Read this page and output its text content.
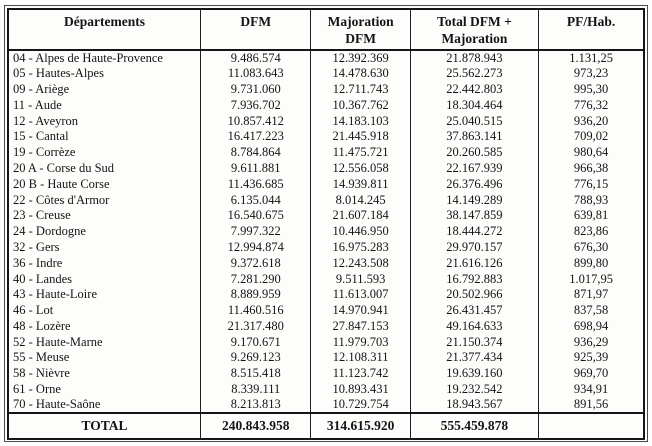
Départements	DFM	Majoration DFM	Total DFM + Majoration	PF/Hab.
04 - Alpes de Haute-Provence	9.486.574	12.392.369	21.878.943	1.131,25
05 - Hautes-Alpes	11.083.643	14.478.630	25.562.273	973,23
09 - Ariège	9.731.060	12.711.743	22.442.803	995,30
11 - Aude	7.936.702	10.367.762	18.304.464	776,32
12 - Aveyron	10.857.412	14.183.103	25.040.515	936,20
15 - Cantal	16.417.223	21.445.918	37.863.141	709,02
19 - Corrèze	8.784.864	11.475.721	20.260.585	980,64
20 A - Corse du Sud	9.611.881	12.556.058	22.167.939	966,38
20 B - Haute Corse	11.436.685	14.939.811	26.376.496	776,15
22 - Côtes d'Armor	6.135.044	8.014.245	14.149.289	788,93
23 - Creuse	16.540.675	21.607.184	38.147.859	639,81
24 - Dordogne	7.997.322	10.446.950	18.444.272	823,86
32 - Gers	12.994.874	16.975.283	29.970.157	676,30
36 - Indre	9.372.618	12.243.508	21.616.126	899,80
40 - Landes	7.281.290	9.511.593	16.792.883	1.017,95
43 - Haute-Loire	8.889.959	11.613.007	20.502.966	871,97
46 - Lot	11.460.516	14.970.941	26.431.457	837,58
48 - Lozère	21.317.480	27.847.153	49.164.633	698,94
52 - Haute-Marne	9.170.671	11.979.703	21.150.374	936,29
55 - Meuse	9.269.123	12.108.311	21.377.434	925,39
58 - Nièvre	8.515.418	11.123.742	19.639.160	969,70
61 - Orne	8.339.111	10.893.431	19.232.542	934,91
70 - Haute-Saône	8.213.813	10.729.754	18.943.567	891,56
TOTAL	240.843.958	314.615.920	555.459.878	
